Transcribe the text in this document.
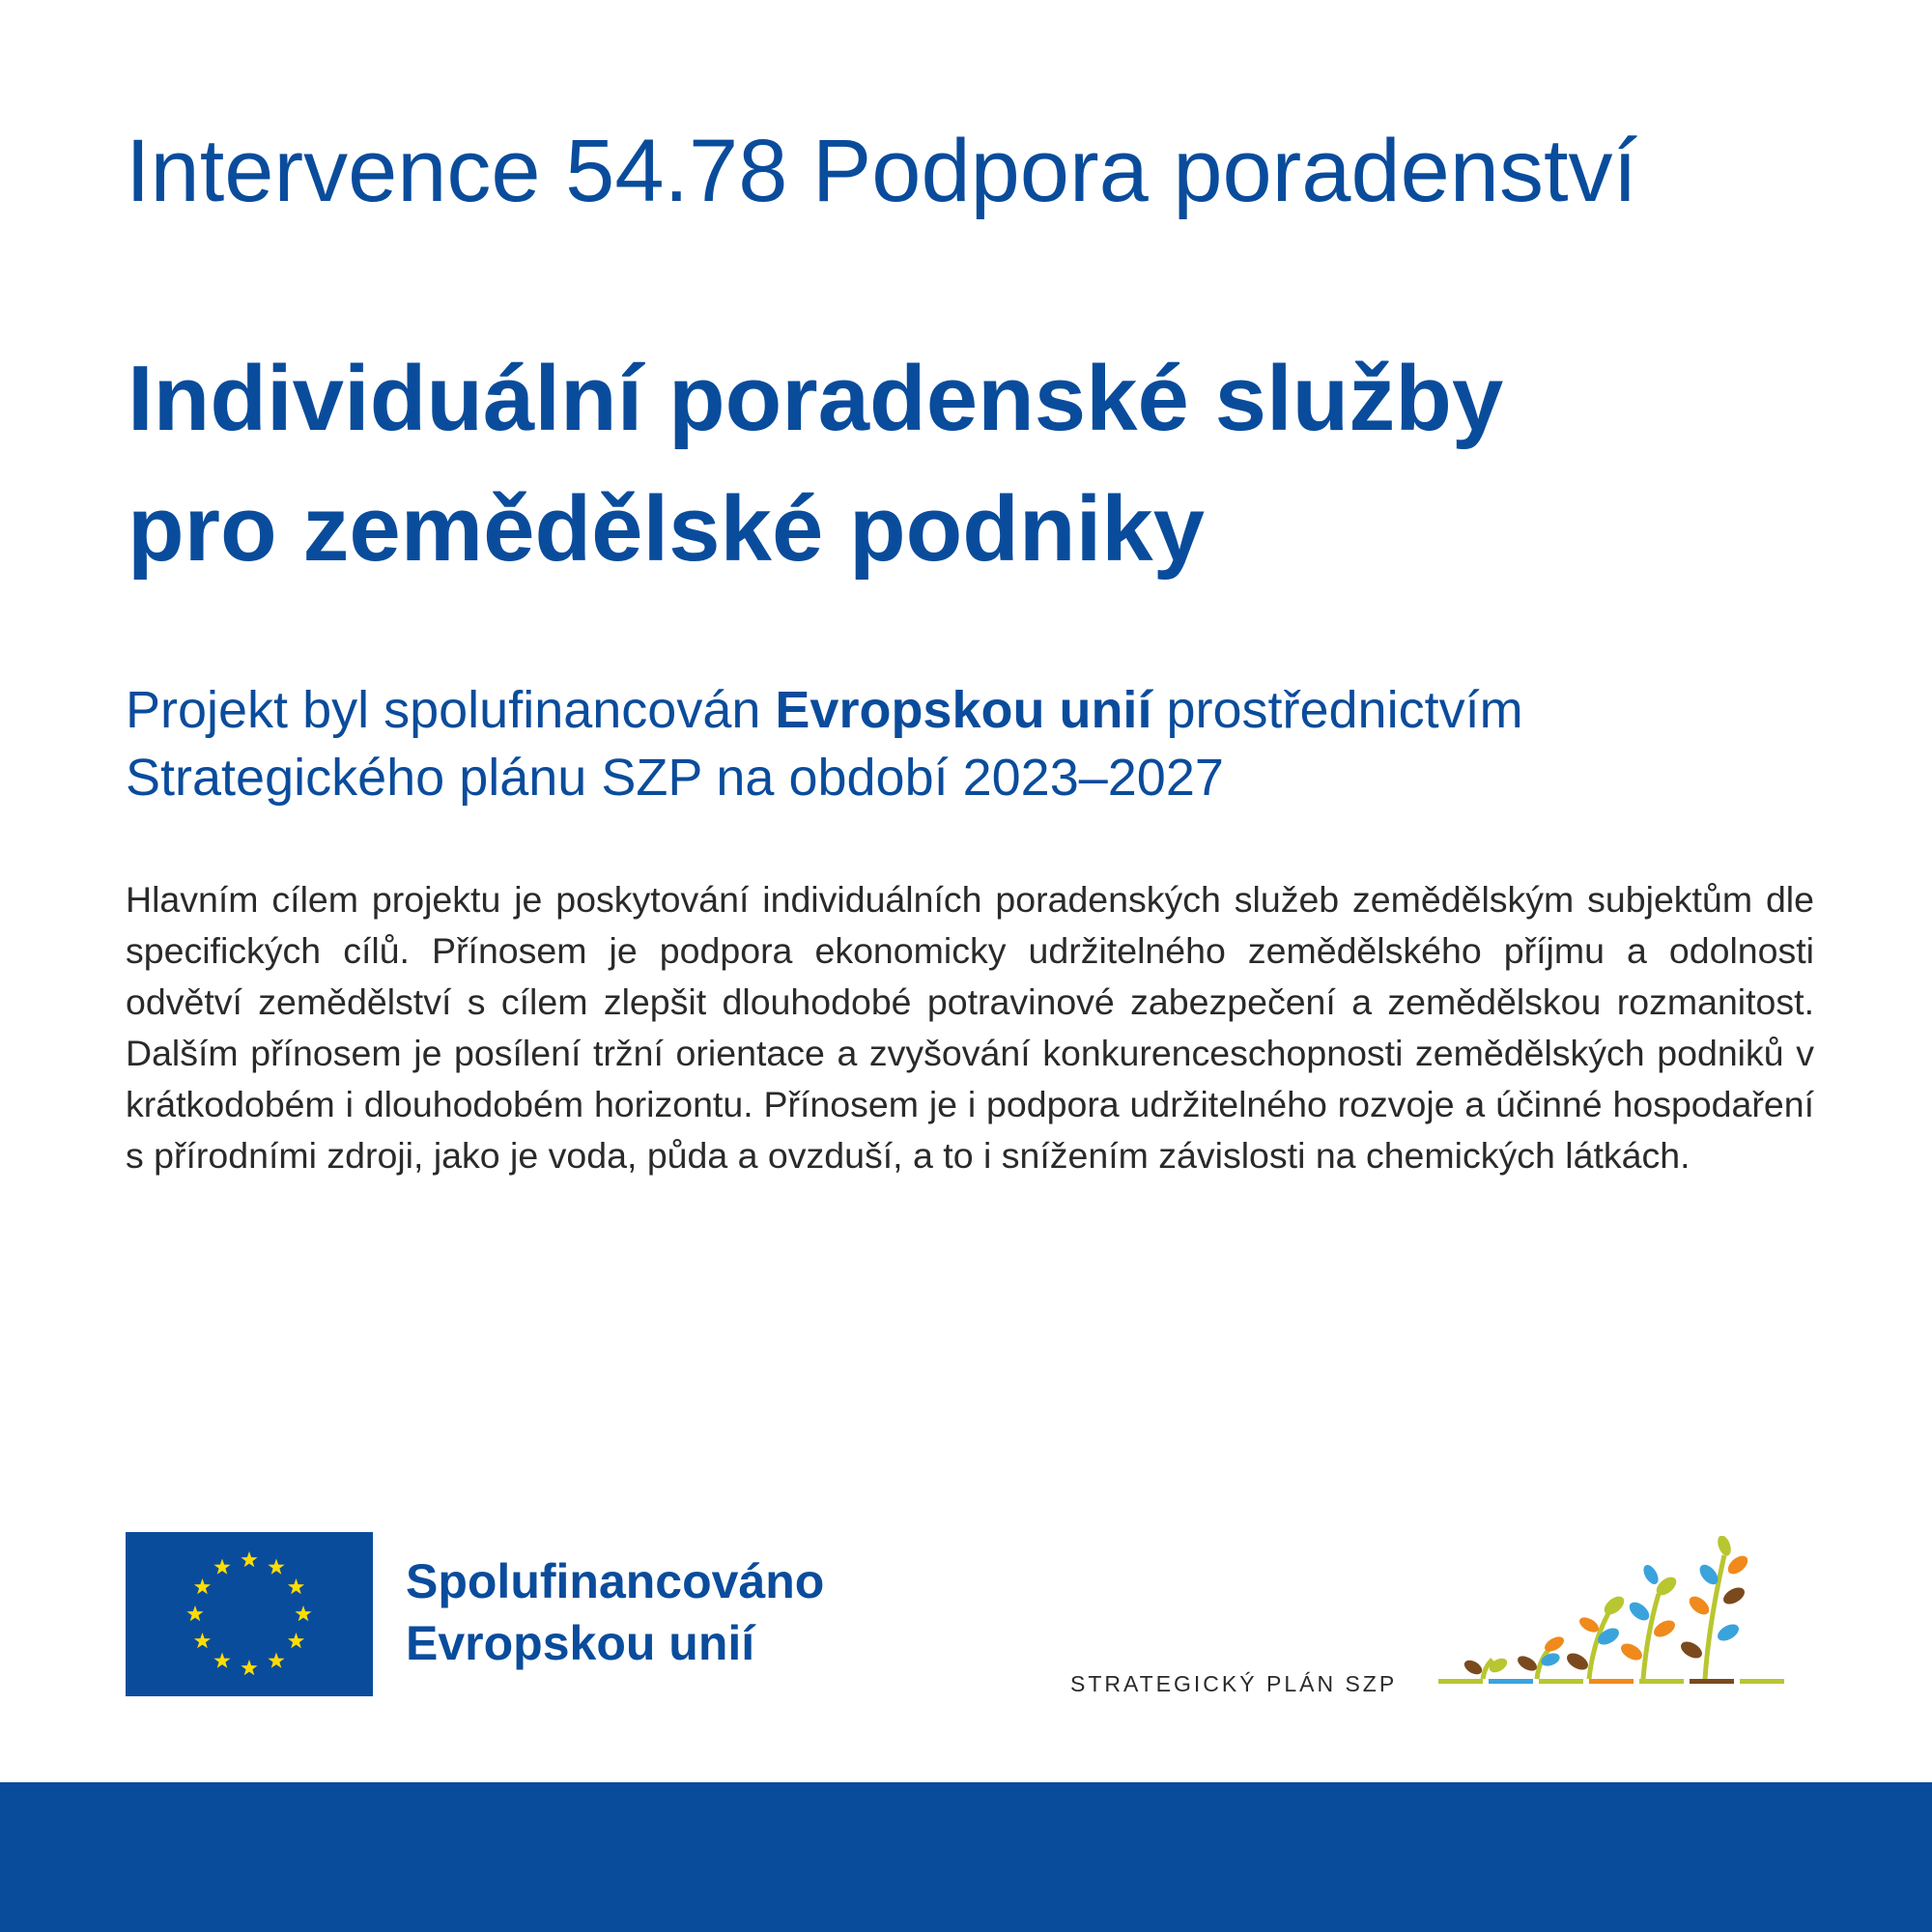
Intervence 54.78 Podpora poradenství
Individuální poradenské služby
pro zemědělské podniky
Projekt byl spolufinancován Evropskou unií prostřednictvím
Strategického plánu SZP na období 2023–2027

Hlavním cílem projektu je poskytování individuálních poradenských služeb zemědělským subjektům dle specifických cílů. Přínosem je podpora ekonomicky udržitelného zemědělského příjmu a odolnosti odvětví zemědělství s cílem zlepšit dlouhodobé potravinové zabezpečení a zemědělskou rozmanitost. Dalším přínosem je posílení tržní orientace a zvyšování konkurenceschopnosti zemědělských podniků v krátkodobém i dlouhodobém horizontu. Přínosem je i podpora udržitelného rozvoje a účinné hospodaření s přírodními zdroji, jako je voda, půda a ovzduší, a to i snížením závislosti na chemických látkách.

Spolufinancováno
Evropskou unií
STRATEGICKÝ PLÁN SZP
